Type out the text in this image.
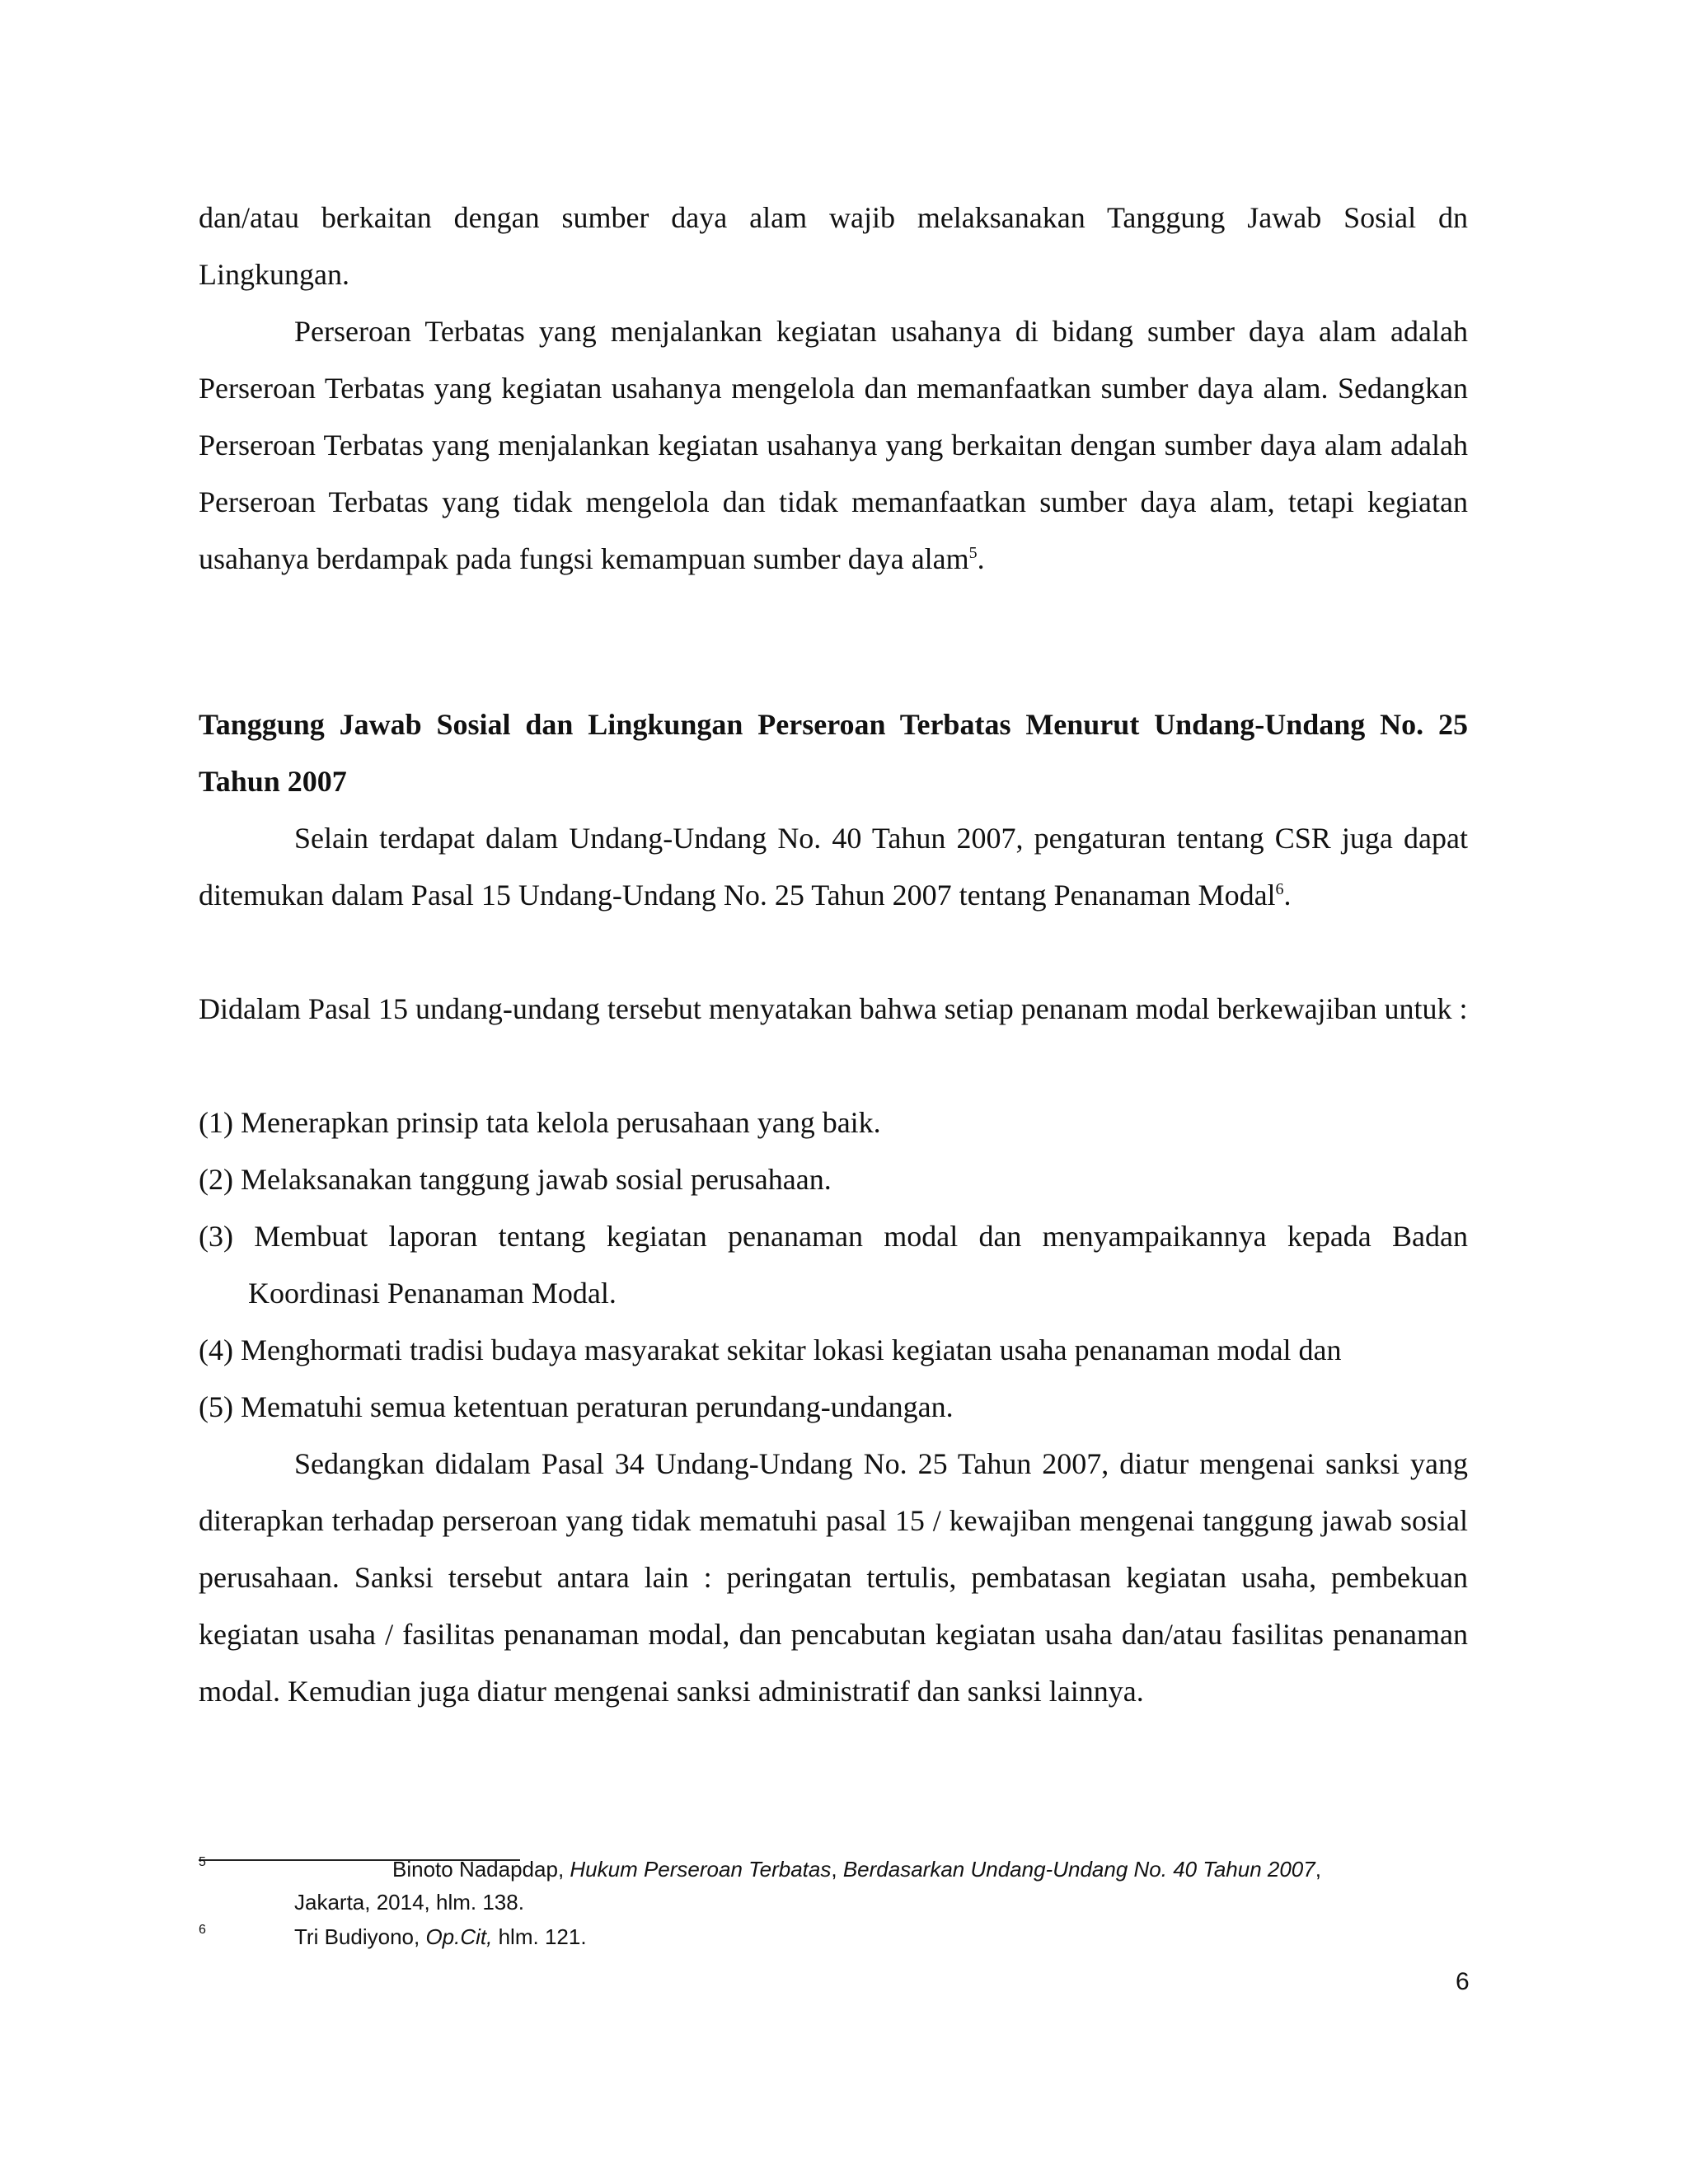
dan/atau berkaitan dengan sumber daya alam wajib melaksanakan Tanggung Jawab Sosial dn

Lingkungan.

Perseroan Terbatas yang menjalankan kegiatan usahanya di bidang sumber daya alam adalah Perseroan Terbatas yang kegiatan usahanya mengelola dan memanfaatkan sumber daya alam. Sedangkan Perseroan Terbatas yang menjalankan kegiatan usahanya yang berkaitan dengan sumber daya alam adalah Perseroan Terbatas yang tidak mengelola dan tidak memanfaatkan sumber daya alam, tetapi kegiatan usahanya berdampak pada fungsi kemampuan sumber daya alam$^5$.
Tanggung Jawab Sosial dan Lingkungan Perseroan Terbatas Menurut Undang-Undang No. 25 Tahun 2007
Selain terdapat dalam Undang-Undang No. 40 Tahun 2007, pengaturan tentang CSR juga dapat ditemukan dalam Pasal 15 Undang-Undang No. 25 Tahun 2007 tentang Penanaman Modal$^6$.
Didalam Pasal 15 undang-undang tersebut menyatakan bahwa setiap penanam modal berkewajiban untuk :

(1) Menerapkan prinsip tata kelola perusahaan yang baik.

(2) Melaksanakan tanggung jawab sosial perusahaan.

(3) Membuat laporan tentang kegiatan penanaman modal dan menyampaikannya kepada Badan Koordinasi Penanaman Modal.

(4) Menghormati tradisi budaya masyarakat sekitar lokasi kegiatan usaha penanaman modal dan

(5) Mematuhi semua ketentuan peraturan perundang-undangan.

Sedangkan didalam Pasal 34 Undang-Undang No. 25 Tahun 2007, diatur mengenai sanksi yang diterapkan terhadap perseroan yang tidak mematuhi pasal 15 / kewajiban mengenai tanggung jawab sosial perusahaan. Sanksi tersebut antara lain : peringatan tertulis, pembatasan kegiatan usaha, pembekuan kegiatan usaha / fasilitas penanaman modal, dan pencabutan kegiatan usaha dan/atau fasilitas penanaman modal. Kemudian juga diatur mengenai sanksi administratif dan sanksi lainnya.
5	Binoto Nadapdap, Hukum Perseroan Terbatas, Berdasarkan Undang-Undang No. 40 Tahun 2007,
Jakarta, 2014, hlm. 138.
6	Tri Budiyono, Op.Cit, hlm. 121.
6
